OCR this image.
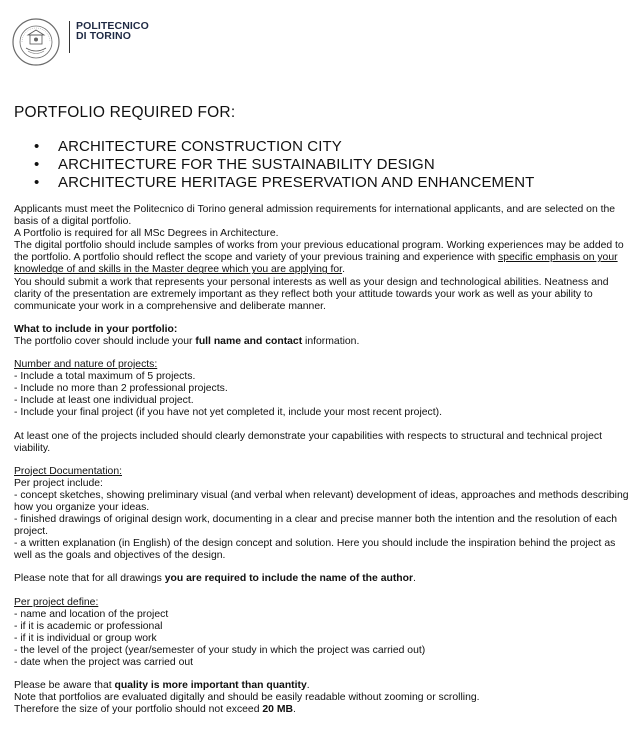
POLITECNICO
DI TORINO
PORTFOLIO REQUIRED FOR:
•	ARCHITECTURE CONSTRUCTION CITY
•	ARCHITECTURE FOR THE SUSTAINABILITY DESIGN
•	ARCHITECTURE HERITAGE PRESERVATION AND ENHANCEMENT

Applicants must meet the Politecnico di Torino general admission requirements for international applicants, and are selected on the basis of a digital portfolio.

A Portfolio is required for all MSc Degrees in Architecture.

The digital portfolio should include samples of works from your previous educational program. Working experiences may be added to the portfolio. A portfolio should reflect the scope and variety of your previous training and experience with specific emphasis on your knowledge of and skills in the Master degree which you are applying for.

You should submit a work that represents your personal interests as well as your design and technological abilities. Neatness and clarity of the presentation are extremely important as they reflect both your attitude towards your work as well as your ability to communicate your work in a comprehensive and deliberate manner.

What to include in your portfolio:

The portfolio cover should include your full name and contact information.

Number and nature of projects:

- Include a total maximum of 5 projects.

- Include no more than 2 professional projects.

- Include at least one individual project.

- Include your final project (if you have not yet completed it, include your most recent project).

At least one of the projects included should clearly demonstrate your capabilities with respects to structural and technical project viability.

Project Documentation:

Per project include:

- concept sketches, showing preliminary visual (and verbal when relevant) development of ideas, approaches and methods describing how you organize your ideas.

- finished drawings of original design work, documenting in a clear and precise manner both the intention and the resolution of each project.

- a written explanation (in English) of the design concept and solution. Here you should include the inspiration behind the project as well as the goals and objectives of the design.

Please note that for all drawings you are required to include the name of the author.

Per project define:

- name and location of the project

- if it is academic or professional

- if it is individual or group work

- the level of the project (year/semester of your study in which the project was carried out)

- date when the project was carried out

Please be aware that quality is more important than quantity.

Note that portfolios are evaluated digitally and should be easily readable without zooming or scrolling.

Therefore the size of your portfolio should not exceed 20 MB.
